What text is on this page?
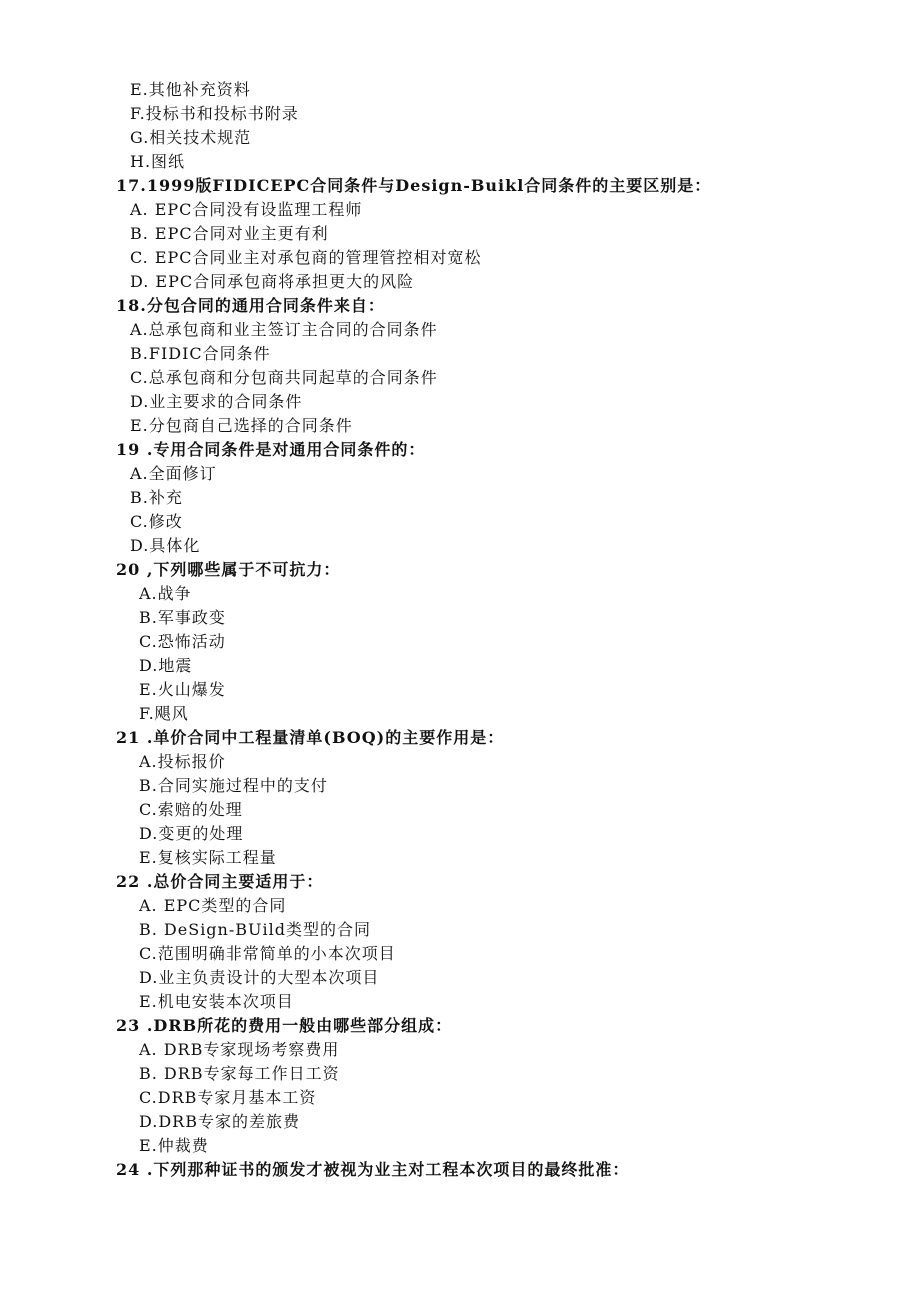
E.其他补充资料
F.投标书和投标书附录
G.相关技术规范
H.图纸
17.1999版FIDICEPC合同条件与Design-Buikl合同条件的主要区别是：
A. EPC合同没有设监理工程师
B. EPC合同对业主更有利
C. EPC合同业主对承包商的管理管控相对宽松
D. EPC合同承包商将承担更大的风险
18.分包合同的通用合同条件来自：
A.总承包商和业主签订主合同的合同条件
B.FIDIC合同条件
C.总承包商和分包商共同起草的合同条件
D.业主要求的合同条件
E.分包商自己选择的合同条件
19 .专用合同条件是对通用合同条件的：
A.全面修订
B.补充
C.修改
D.具体化
20 ,下列哪些属于不可抗力：
A.战争
B.军事政变
C.恐怖活动
D.地震
E.火山爆发
F.飓风
21 .单价合同中工程量清单(BOQ)的主要作用是：
A.投标报价
B.合同实施过程中的支付
C.索赔的处理
D.变更的处理
E.复核实际工程量
22 .总价合同主要适用于：
A. EPC类型的合同
B. DeSign-BUild类型的合同
C.范围明确非常简单的小本次项目
D.业主负责设计的大型本次项目
E.机电安装本次项目
23 .DRB所花的费用一般由哪些部分组成：
A. DRB专家现场考察费用
B. DRB专家每工作日工资
C.DRB专家月基本工资
D.DRB专家的差旅费
E.仲裁费
24 .下列那种证书的颁发才被视为业主对工程本次项目的最终批准：
